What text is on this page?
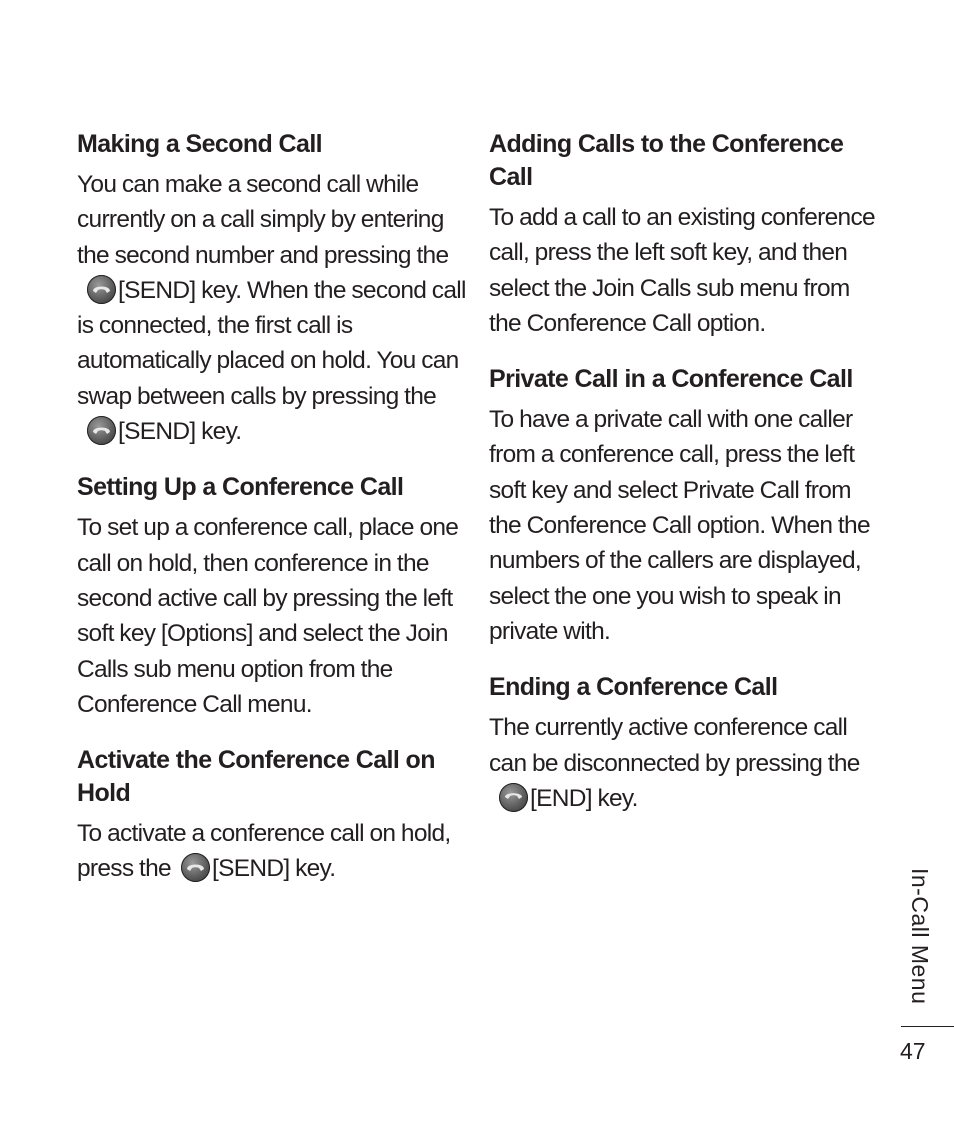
Making a Second Call

You can make a second call while currently on a call simply by entering the second number and pressing the
[SEND] key. When the second call is connected, the first call is automatically placed on hold. You can swap between calls by pressing the
[SEND] key.

Setting Up a Conference Call

To set up a conference call, place one call on hold, then conference in the second active call by pressing the left soft key [Options] and select the Join Calls sub menu option from the Conference Call menu.

Activate the Conference Call on Hold

To activate a conference call on hold, press the [SEND] key.

Adding Calls to the Conference Call

To add a call to an existing conference call, press the left soft key, and then select the Join Calls sub menu from the Conference Call option.

Private Call in a Conference Call

To have a private call with one caller from a conference call, press the left soft key and select Private Call from the Conference Call option. When the numbers of the callers are displayed, select the one you wish to speak in private with.

Ending a Conference Call

The currently active conference call can be disconnected by pressing the
[END] key.

In-Call Menu
47
